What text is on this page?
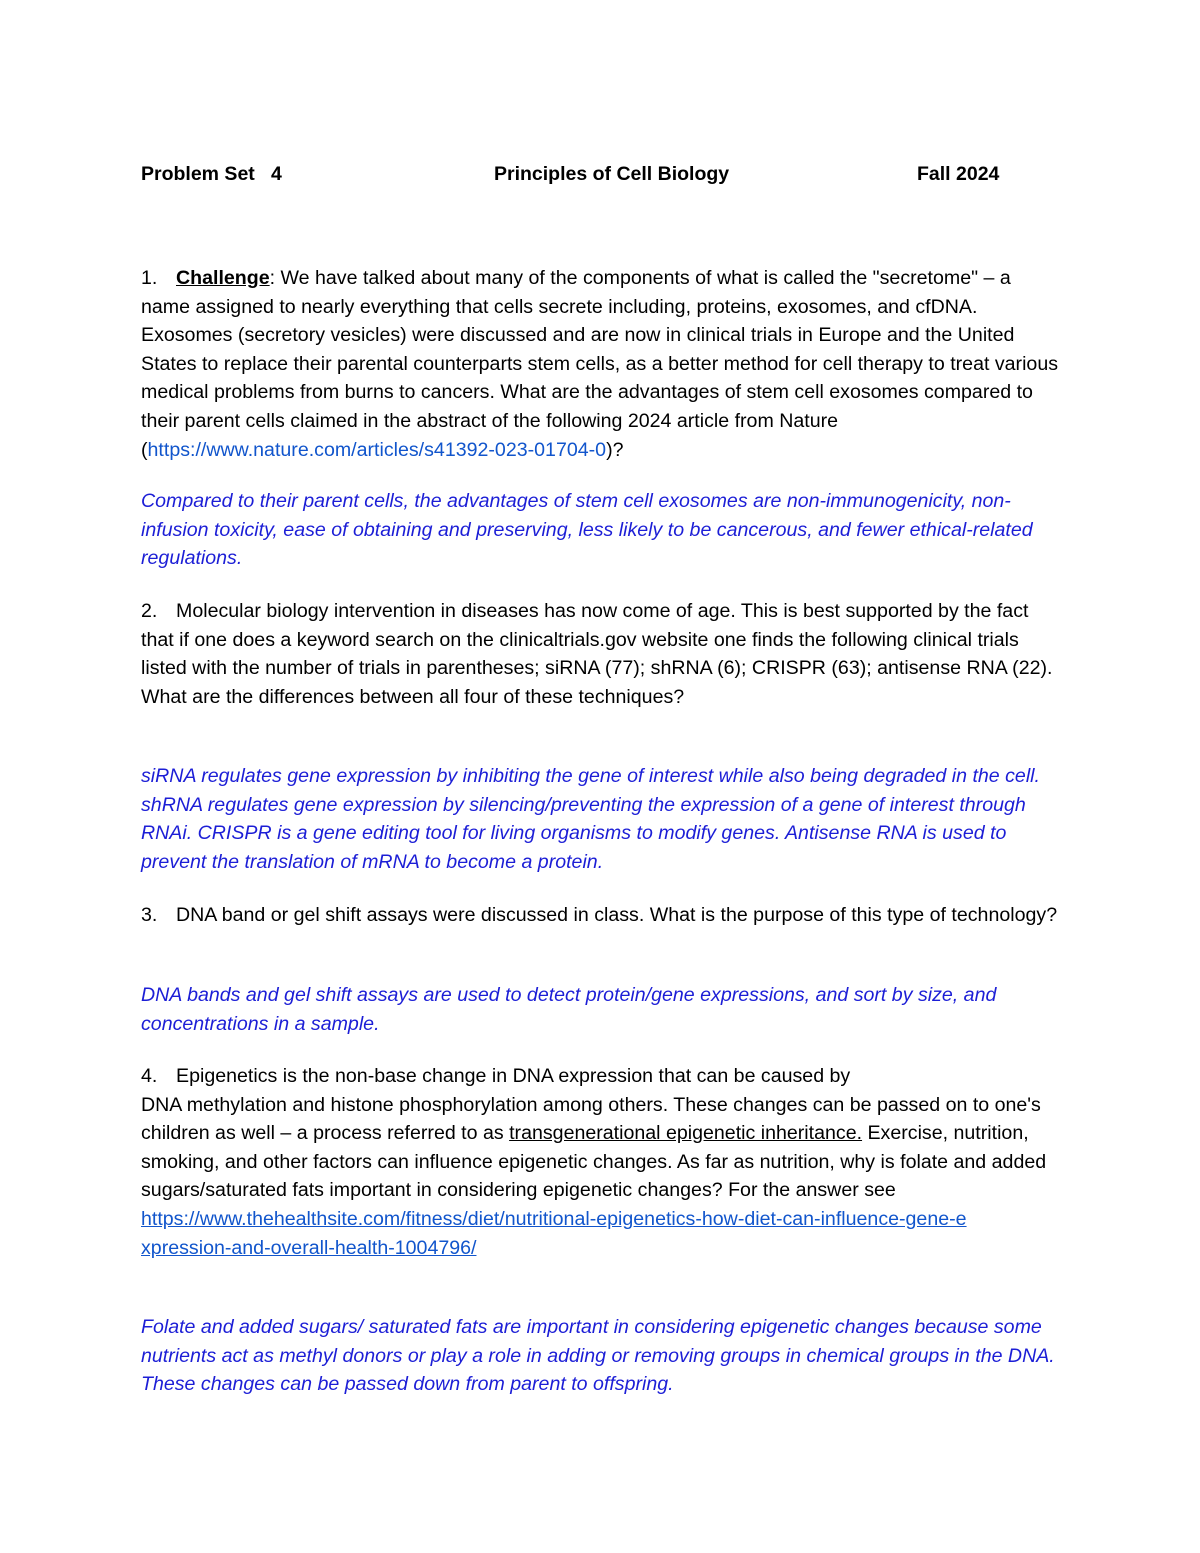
Problem Set   4	Principles of Cell Biology	Fall 2024

1. Challenge: We have talked about many of the components of what is called the "secretome" – a name assigned to nearly everything that cells secrete including, proteins, exosomes, and cfDNA. Exosomes (secretory vesicles) were discussed and are now in clinical trials in Europe and the United States to replace their parental counterparts stem cells, as a better method for cell therapy to treat various medical problems from burns to cancers. What are the advantages of stem cell exosomes compared to their parent cells claimed in the abstract of the following 2024 article from Nature (https://www.nature.com/articles/s41392-023-01704-0)?

Compared to their parent cells, the advantages of stem cell exosomes are non-immunogenicity, non-infusion toxicity, ease of obtaining and preserving, less likely to be cancerous, and fewer ethical-related regulations.

2. Molecular biology intervention in diseases has now come of age. This is best supported by the fact that if one does a keyword search on the clinicaltrials.gov website one finds the following clinical trials listed with the number of trials in parentheses; siRNA (77); shRNA (6); CRISPR (63); antisense RNA (22). What are the differences between all four of these techniques?

siRNA regulates gene expression by inhibiting the gene of interest while also being degraded in the cell. shRNA regulates gene expression by silencing/preventing the expression of a gene of interest through RNAi. CRISPR is a gene editing tool for living organisms to modify genes. Antisense RNA is used to prevent the translation of mRNA to become a protein.

3. DNA band or gel shift assays were discussed in class. What is the purpose of this type of technology?

DNA bands and gel shift assays are used to detect protein/gene expressions, and sort by size, and concentrations in a sample.

4. Epigenetics is the non-base change in DNA expression that can be caused by
DNA methylation and histone phosphorylation among others. These changes can be passed on to one's children as well – a process referred to as transgenerational epigenetic inheritance. Exercise, nutrition, smoking, and other factors can influence epigenetic changes. As far as nutrition, why is folate and added sugars/saturated fats important in considering epigenetic changes? For the answer see
https://www.thehealthsite.com/fitness/diet/nutritional-epigenetics-how-diet-can-influence-gene-e
xpression-and-overall-health-1004796/

Folate and added sugars/ saturated fats are important in considering epigenetic changes because some nutrients act as methyl donors or play a role in adding or removing groups in chemical groups in the DNA. These changes can be passed down from parent to offspring.
